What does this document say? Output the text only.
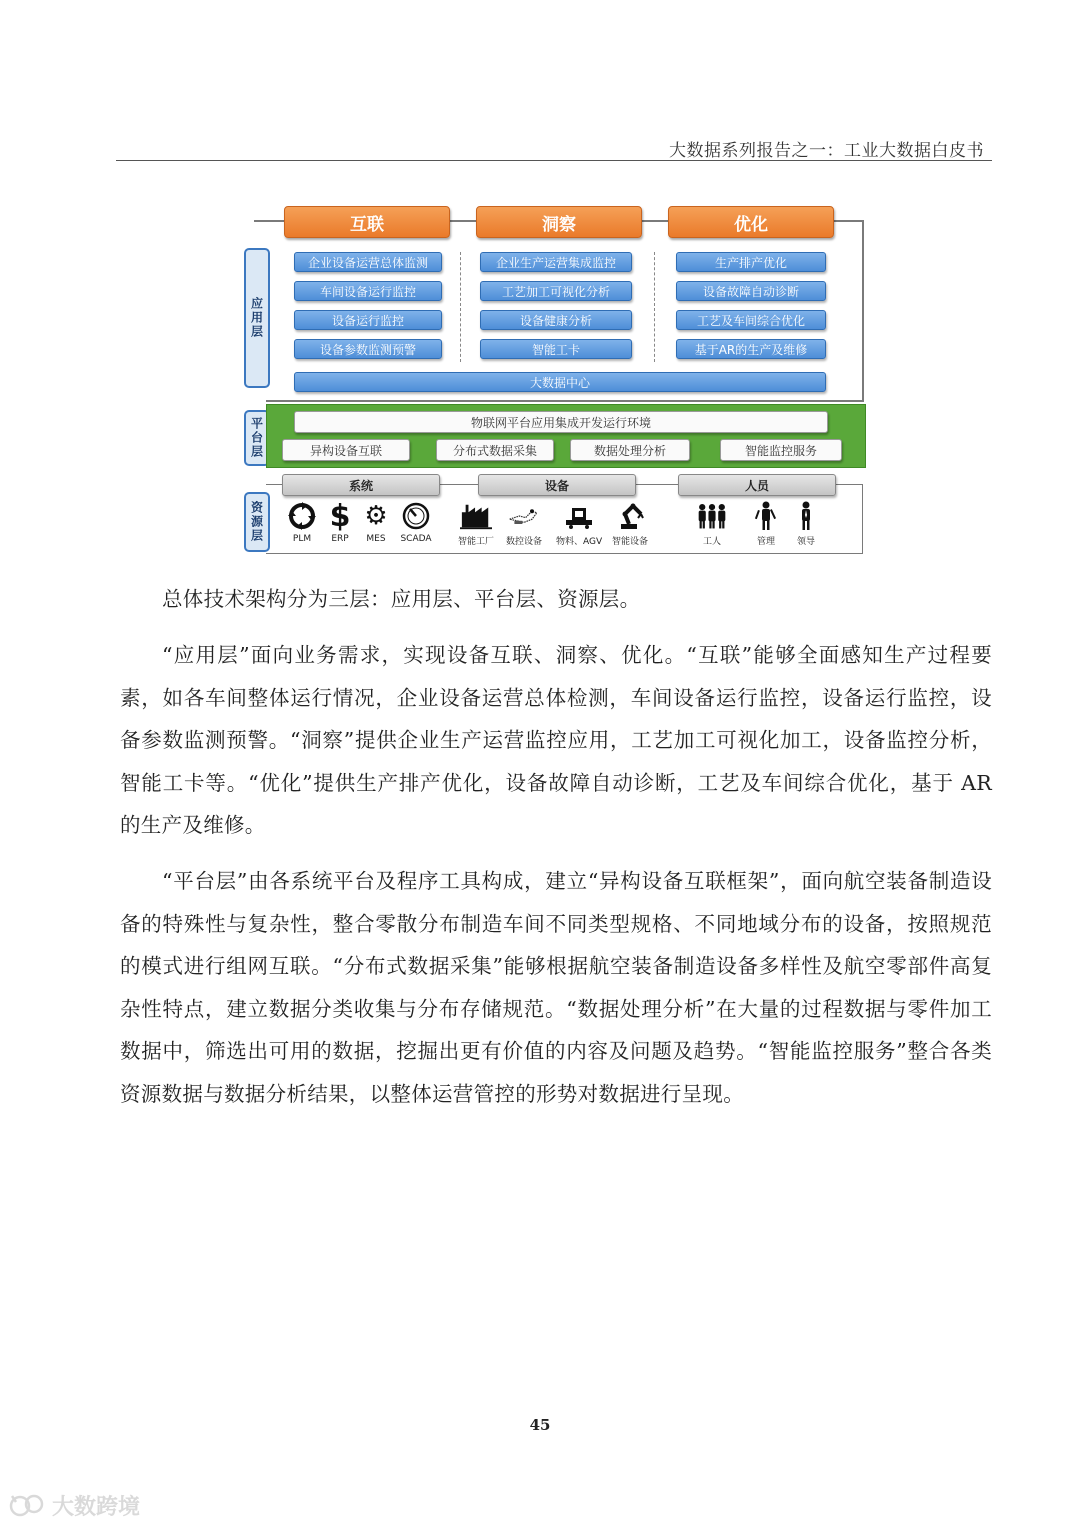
大数据系列报告之一：工业大数据白皮书
应用层
互联	洞察	优化
企业设备运营总体监测
车间设备运行监控
设备运行监控
设备参数监测预警
企业生产运营集成监控
工艺加工可视化分析
设备健康分析
智能工卡
生产排产优化
设备故障自动诊断
工艺及车间综合优化
基于AR的生产及维修
大数据中心
平台层	物联网平台应用集成开发运行环境
异构设备互联	分布式数据采集	数据处理分析	智能监控服务
资源层
系统	设备	人员
PLM
$
ERP
⚙
MES SCADA	智能工厂 数控设备 物料、AGV 智能设备	工人	管理 领导
总体技术架构分为三层：应用层、平台层、资源层。
“应用层”面向业务需求，实现设备互联、洞察、优化。“互联”能够全面感知生产过程要素，如各车间整体运行情况，企业设备运营总体检测，车间设备运行监控，设备运行监控，设备参数监测预警。“洞察”提供企业生产运营监控应用，工艺加工可视化加工，设备监控分析，智能工卡等。“优化”提供生产排产优化，设备故障自动诊断，工艺及车间综合优化，基于 AR 的生产及维修。
“平台层”由各系统平台及程序工具构成，建立“异构设备互联框架”，面向航空装备制造设备的特殊性与复杂性，整合零散分布制造车间不同类型规格、不同地域分布的设备，按照规范的模式进行组网互联。“分布式数据采集”能够根据航空装备制造设备多样性及航空零部件高复杂性特点，建立数据分类收集与分布存储规范。“数据处理分析”在大量的过程数据与零件加工数据中，筛选出可用的数据，挖掘出更有价值的内容及问题及趋势。“智能监控服务”整合各类资源数据与数据分析结果，以整体运营管控的形势对数据进行呈现。
45
大数跨境
